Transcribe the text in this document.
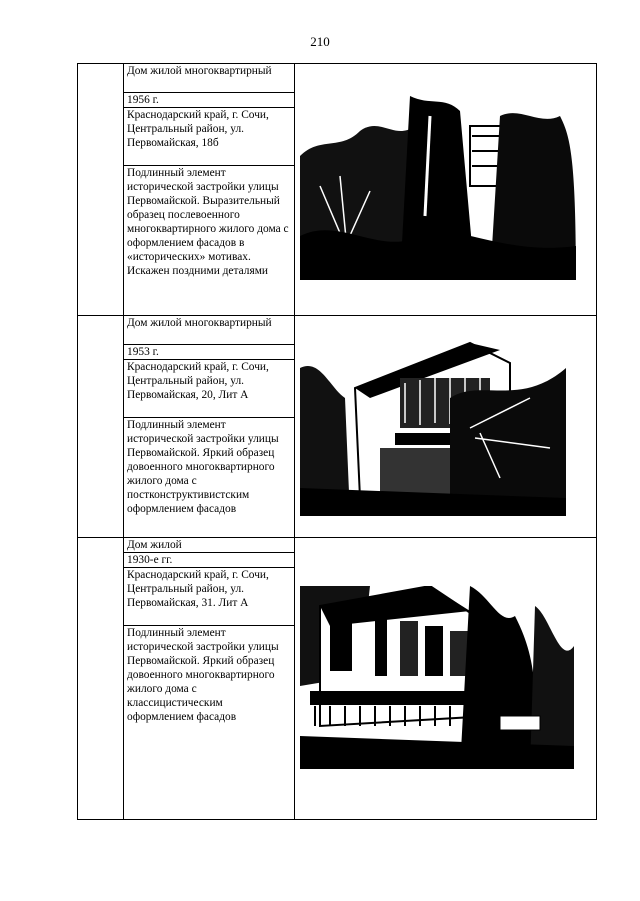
210

	Дом жилой многоквартирный
1956 г.
Краснодарский край, г. Сочи, Центральный район, ул. Первомайская, 18б
Подлинный элемент исторической застройки улицы Первомайской. Выразительный образец послевоенного многоквартирного жилого дома с оформлением фасадов в «исторических» мотивах. Искажен поздними деталями

	Дом жилой многоквартирный
1953 г.
Краснодарский край, г. Сочи, Центральный район, ул. Первомайская, 20, Лит А
Подлинный элемент исторической застройки улицы Первомайской. Яркий образец довоенного многоквартирного жилого дома с постконструктивистским оформлением фасадов

	Дом жилой
1930-е гг.
Краснодарский край, г. Сочи, Центральный район, ул. Первомайская, 31. Лит А
Подлинный элемент исторической застройки улицы Первомайской. Яркий образец довоенного многоквартирного жилого дома с классицистическим оформлением фасадов
